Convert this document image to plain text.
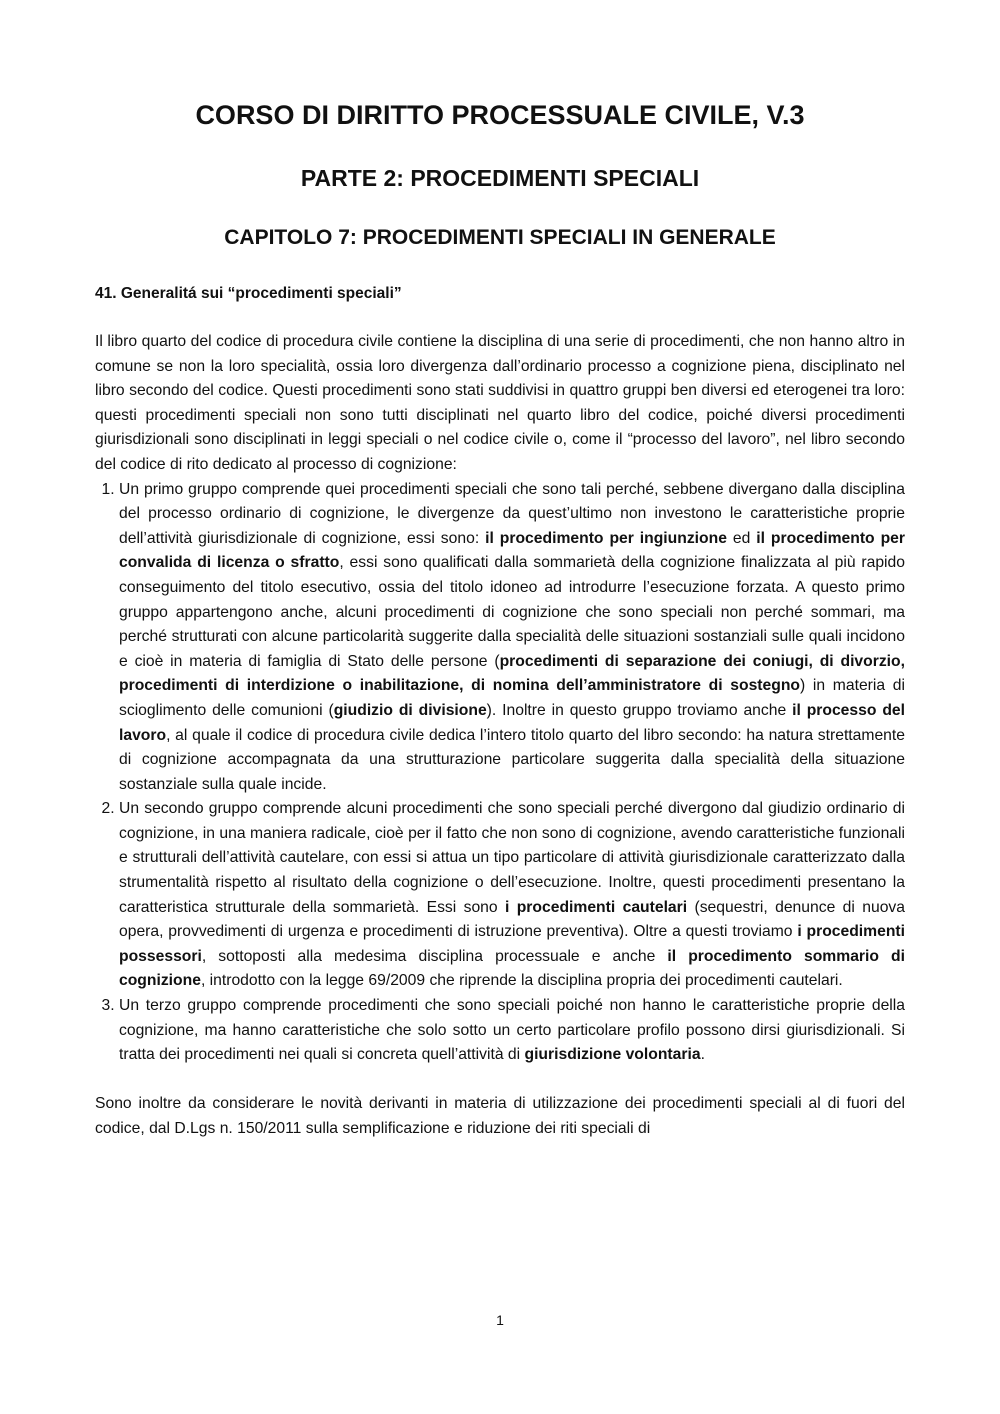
CORSO DI DIRITTO PROCESSUALE CIVILE, V.3
PARTE 2: PROCEDIMENTI SPECIALI
CAPITOLO 7: PROCEDIMENTI SPECIALI IN GENERALE
41. Generalitá sui “procedimenti speciali”

Il libro quarto del codice di procedura civile contiene la disciplina di una serie di procedimenti, che non hanno altro in comune se non la loro specialità, ossia loro divergenza dall’ordinario processo a cognizione piena, disciplinato nel libro secondo del codice. Questi procedimenti sono stati suddivisi in quattro gruppi ben diversi ed eterogenei tra loro: questi procedimenti speciali non sono tutti disciplinati nel quarto libro del codice, poiché diversi procedimenti giurisdizionali sono disciplinati in leggi speciali o nel codice civile o, come il “processo del lavoro”, nel libro secondo del codice di rito dedicato al processo di cognizione:

1. Un primo gruppo comprende quei procedimenti speciali che sono tali perché, sebbene divergano dalla disciplina del processo ordinario di cognizione, le divergenze da quest’ultimo non investono le caratteristiche proprie dell’attività giurisdizionale di cognizione, essi sono: il procedimento per ingiunzione ed il procedimento per convalida di licenza o sfratto, essi sono qualificati dalla sommarietà della cognizione finalizzata al più rapido conseguimento del titolo esecutivo, ossia del titolo idoneo ad introdurre l’esecuzione forzata. A questo primo gruppo appartengono anche, alcuni procedimenti di cognizione che sono speciali non perché sommari, ma perché strutturati con alcune particolarità suggerite dalla specialità delle situazioni sostanziali sulle quali incidono e cioè in materia di famiglia di Stato delle persone (procedimenti di separazione dei coniugi, di divorzio, procedimenti di interdizione o inabilitazione, di nomina dell’amministratore di sostegno) in materia di scioglimento delle comunioni (giudizio di divisione). Inoltre in questo gruppo troviamo anche il processo del lavoro, al quale il codice di procedura civile dedica l’intero titolo quarto del libro secondo: ha natura strettamente di cognizione accompagnata da una strutturazione particolare suggerita dalla specialità della situazione sostanziale sulla quale incide.
2. Un secondo gruppo comprende alcuni procedimenti che sono speciali perché divergono dal giudizio ordinario di cognizione, in una maniera radicale, cioè per il fatto che non sono di cognizione, avendo caratteristiche funzionali e strutturali dell’attività cautelare, con essi si attua un tipo particolare di attività giurisdizionale caratterizzato dalla strumentalità rispetto al risultato della cognizione o dell’esecuzione. Inoltre, questi procedimenti presentano la caratteristica strutturale della sommarietà. Essi sono i procedimenti cautelari (sequestri, denunce di nuova opera, provvedimenti di urgenza e procedimenti di istruzione preventiva). Oltre a questi troviamo i procedimenti possessori, sottoposti alla medesima disciplina processuale e anche il procedimento sommario di cognizione, introdotto con la legge 69/2009 che riprende la disciplina propria dei procedimenti cautelari.
3. Un terzo gruppo comprende procedimenti che sono speciali poiché non hanno le caratteristiche proprie della cognizione, ma hanno caratteristiche che solo sotto un certo particolare profilo possono dirsi giurisdizionali. Si tratta dei procedimenti nei quali si concreta quell’attività di giurisdizione volontaria.

Sono inoltre da considerare le novità derivanti in materia di utilizzazione dei procedimenti speciali al di fuori del codice, dal D.Lgs n. 150/2011 sulla semplificazione e riduzione dei riti speciali di

1
